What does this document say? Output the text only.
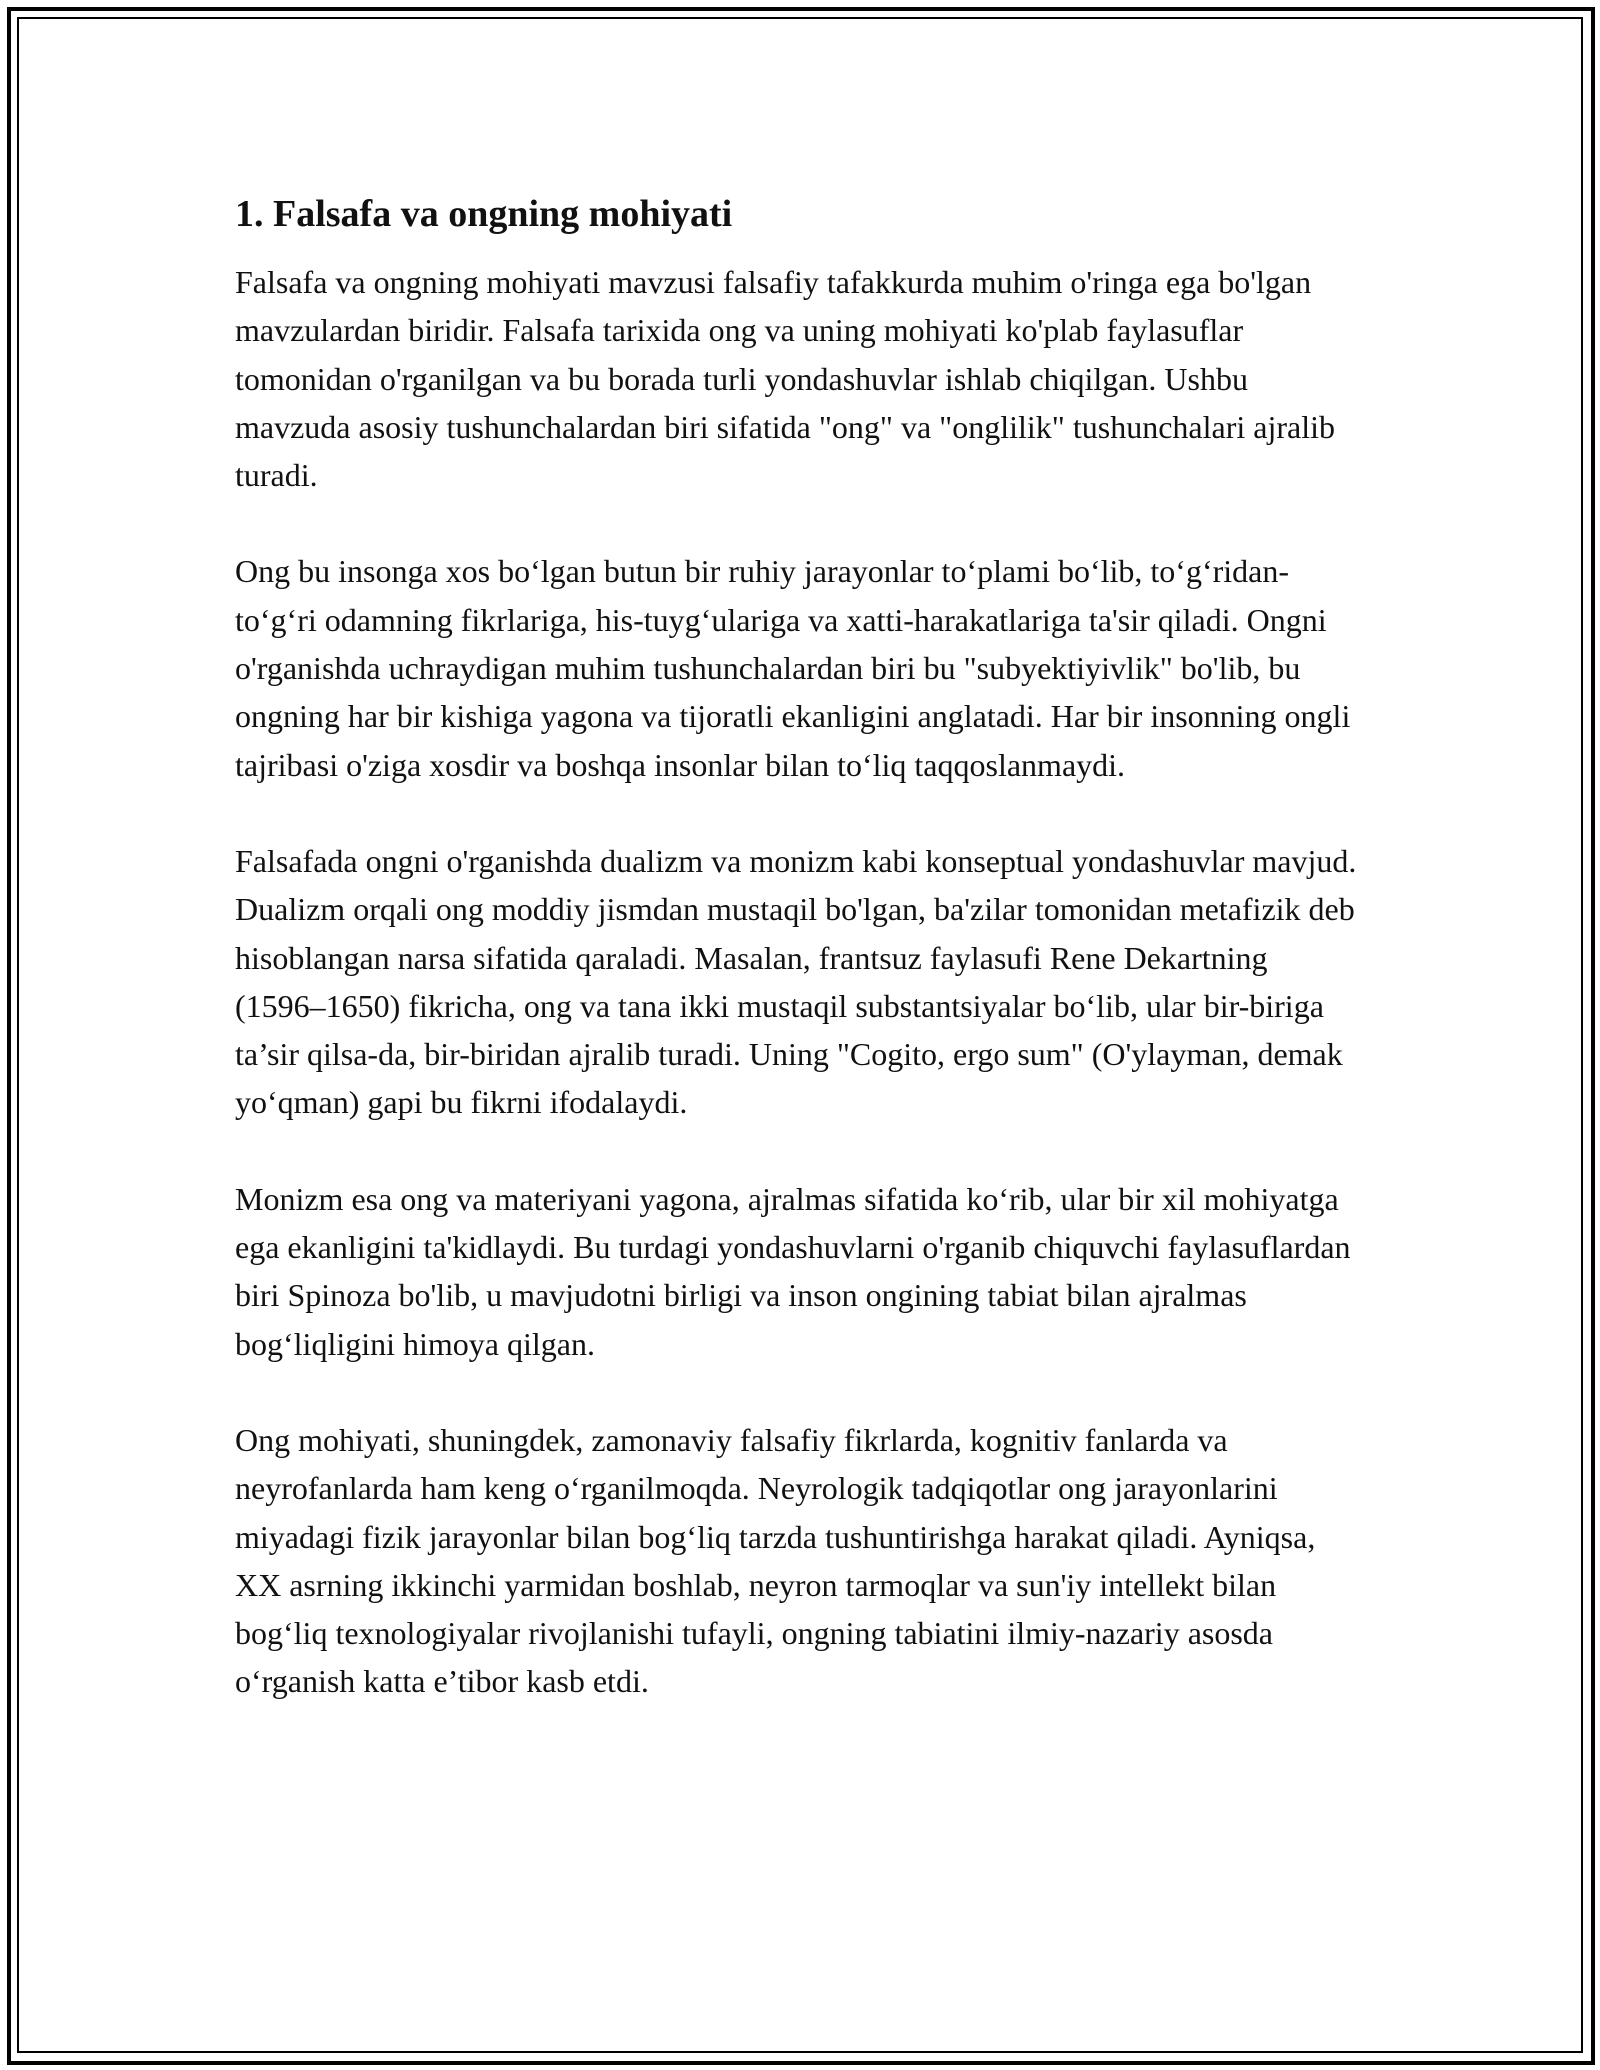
1. Falsafa va ongning mohiyati

Falsafa va ongning mohiyati mavzusi falsafiy tafakkurda muhim o'ringa ega bo'lgan mavzulardan biridir. Falsafa tarixida ong va uning mohiyati ko'plab faylasuflar tomonidan o'rganilgan va bu borada turli yondashuvlar ishlab chiqilgan. Ushbu mavzuda asosiy tushunchalardan biri sifatida "ong" va "onglilik" tushunchalari ajralib turadi.

Ong bu insonga xos bo‘lgan butun bir ruhiy jarayonlar to‘plami bo‘lib, to‘g‘ridan-to‘g‘ri odamning fikrlariga, his-tuyg‘ulariga va xatti-harakatlariga ta'sir qiladi. Ongni o'rganishda uchraydigan muhim tushunchalardan biri bu "subyektiyivlik" bo'lib, bu ongning har bir kishiga yagona va tijoratli ekanligini anglatadi. Har bir insonning ongli tajribasi o'ziga xosdir va boshqa insonlar bilan to‘liq taqqoslanmaydi.

Falsafada ongni o'rganishda dualizm va monizm kabi konseptual yondashuvlar mavjud. Dualizm orqali ong moddiy jismdan mustaqil bo'lgan, ba'zilar tomonidan metafizik deb hisoblangan narsa sifatida qaraladi. Masalan, frantsuz faylasufi Rene Dekartning (1596–1650) fikricha, ong va tana ikki mustaqil substantsiyalar bo‘lib, ular bir-biriga ta’sir qilsa-da, bir-biridan ajralib turadi. Uning "Cogito, ergo sum" (O'ylayman, demak yo‘qman) gapi bu fikrni ifodalaydi.

Monizm esa ong va materiyani yagona, ajralmas sifatida ko‘rib, ular bir xil mohiyatga ega ekanligini ta'kidlaydi. Bu turdagi yondashuvlarni o'rganib chiquvchi faylasuflardan biri Spinoza bo'lib, u mavjudotni birligi va inson ongining tabiat bilan ajralmas bog‘liqligini himoya qilgan.

Ong mohiyati, shuningdek, zamonaviy falsafiy fikrlarda, kognitiv fanlarda va neyrofanlarda ham keng o‘rganilmoqda. Neyrologik tadqiqotlar ong jarayonlarini miyadagi fizik jarayonlar bilan bog‘liq tarzda tushuntirishga harakat qiladi. Ayniqsa, XX asrning ikkinchi yarmidan boshlab, neyron tarmoqlar va sun'iy intellekt bilan bog‘liq texnologiyalar rivojlanishi tufayli, ongning tabiatini ilmiy-nazariy asosda o‘rganish katta e’tibor kasb etdi.
